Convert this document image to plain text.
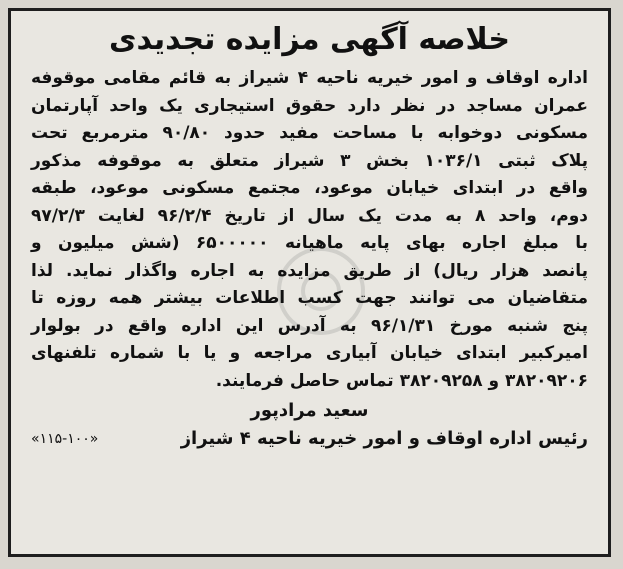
خلاصه آگهی مزایده تجدیدی
اداره اوقاف و امور خیریه ناحیه ۴ شیراز به قائم مقامی موقوفه
عمران مساجد در نظر دارد حقوق استیجاری یک واحد آپارتمان
مسکونی دوخوابه با مساحت مفید حدود ۹۰/۸۰ مترمربع تحت
پلاک ثبتی ۱۰۳۶/۱ بخش ۳ شیراز متعلق به موقوفه مذکور
واقع در ابتدای خیابان موعود، مجتمع مسکونی موعود، طبقه
دوم، واحد ۸ به مدت یک سال از تاریخ ۹۶/۲/۴ لغایت ۹۷/۲/۳
با مبلغ اجاره بهای پایه ماهیانه ۶۵۰۰۰۰۰ (شش میلیون و
پانصد هزار ریال) از طریق مزایده به اجاره واگذار نماید. لذا
متقاضیان می توانند جهت کسب اطلاعات بیشتر همه روزه تا
پنج شنبه مورخ ۹۶/۱/۳۱ به آدرس این اداره واقع در بولوار
امیرکبیر ابتدای خیابان آبیاری مراجعه و یا با شماره تلفنهای
۳۸۲۰۹۲۰۶ و ۳۸۲۰۹۲۵۸ تماس حاصل فرمایند.
سعید مرادپور
رئیس اداره اوقاف و امور خیریه ناحیه ۴ شیراز
«۱۱۵-۱۰۰»
